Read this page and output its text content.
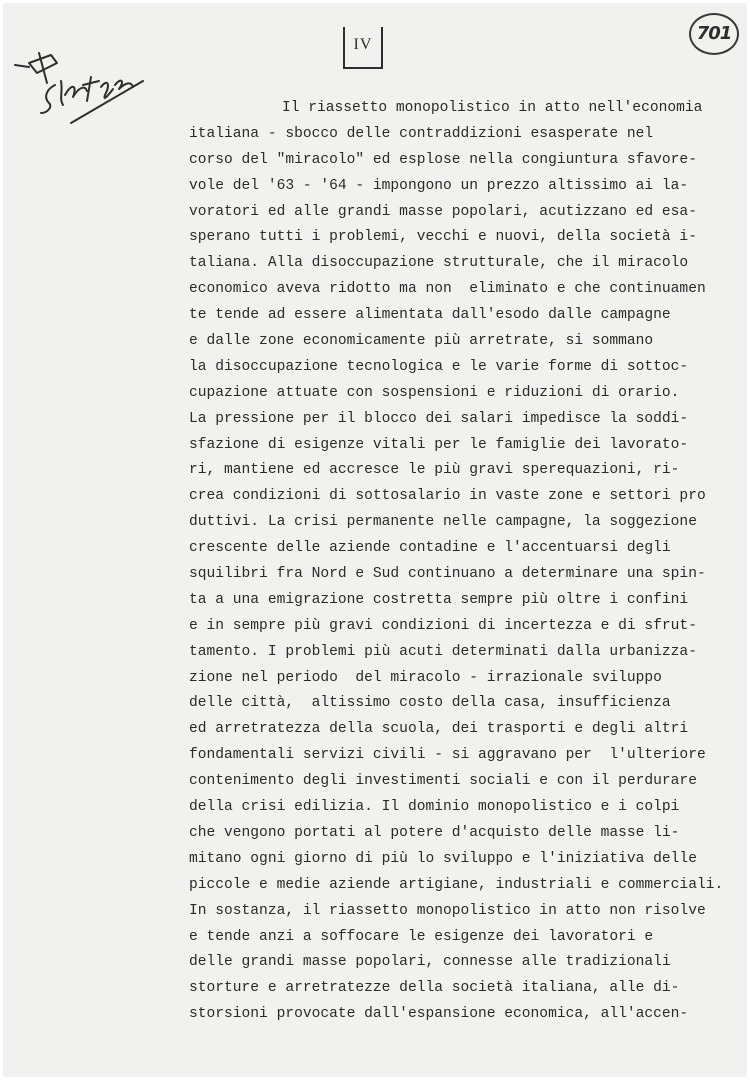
IV
701
Il riassetto monopolistico in atto nell'economia
italiana - sbocco delle contraddizioni esasperate nel
corso del "miracolo" ed esplose nella congiuntura sfavore-
vole del '63 - '64 - impongono un prezzo altissimo ai la-
voratori ed alle grandi masse popolari, acutizzano ed esa-
sperano tutti i problemi, vecchi e nuovi, della società i-
taliana. Alla disoccupazione strutturale, che il miracolo
economico aveva ridotto ma non  eliminato e che continuamen
te tende ad essere alimentata dall'esodo dalle campagne
e dalle zone economicamente più arretrate, si sommano
la disoccupazione tecnologica e le varie forme di sottoc-
cupazione attuate con sospensioni e riduzioni di orario.
La pressione per il blocco dei salari impedisce la soddi-
sfazione di esigenze vitali per le famiglie dei lavorato-
ri, mantiene ed accresce le più gravi sperequazioni, ri-
crea condizioni di sottosalario in vaste zone e settori pro
duttivi. La crisi permanente nelle campagne, la soggezione
crescente delle aziende contadine e l'accentuarsi degli
squilibri fra Nord e Sud continuano a determinare una spin-
ta a una emigrazione costretta sempre più oltre i confini
e in sempre più gravi condizioni di incertezza e di sfrut-
tamento. I problemi più acuti determinati dalla urbanizza-
zione nel periodo  del miracolo - irrazionale sviluppo
delle città,  altissimo costo della casa, insufficienza
ed arretratezza della scuola, dei trasporti e degli altri
fondamentali servizi civili - si aggravano per  l'ulteriore
contenimento degli investimenti sociali e con il perdurare
della crisi edilizia. Il dominio monopolistico e i colpi
che vengono portati al potere d'acquisto delle masse li-
mitano ogni giorno di più lo sviluppo e l'iniziativa delle
piccole e medie aziende artigiane, industriali e commerciali.
In sostanza, il riassetto monopolistico in atto non risolve
e tende anzi a soffocare le esigenze dei lavoratori e
delle grandi masse popolari, connesse alle tradizionali
storture e arretratezze della società italiana, alle di-
storsioni provocate dall'espansione economica, all'accen-
